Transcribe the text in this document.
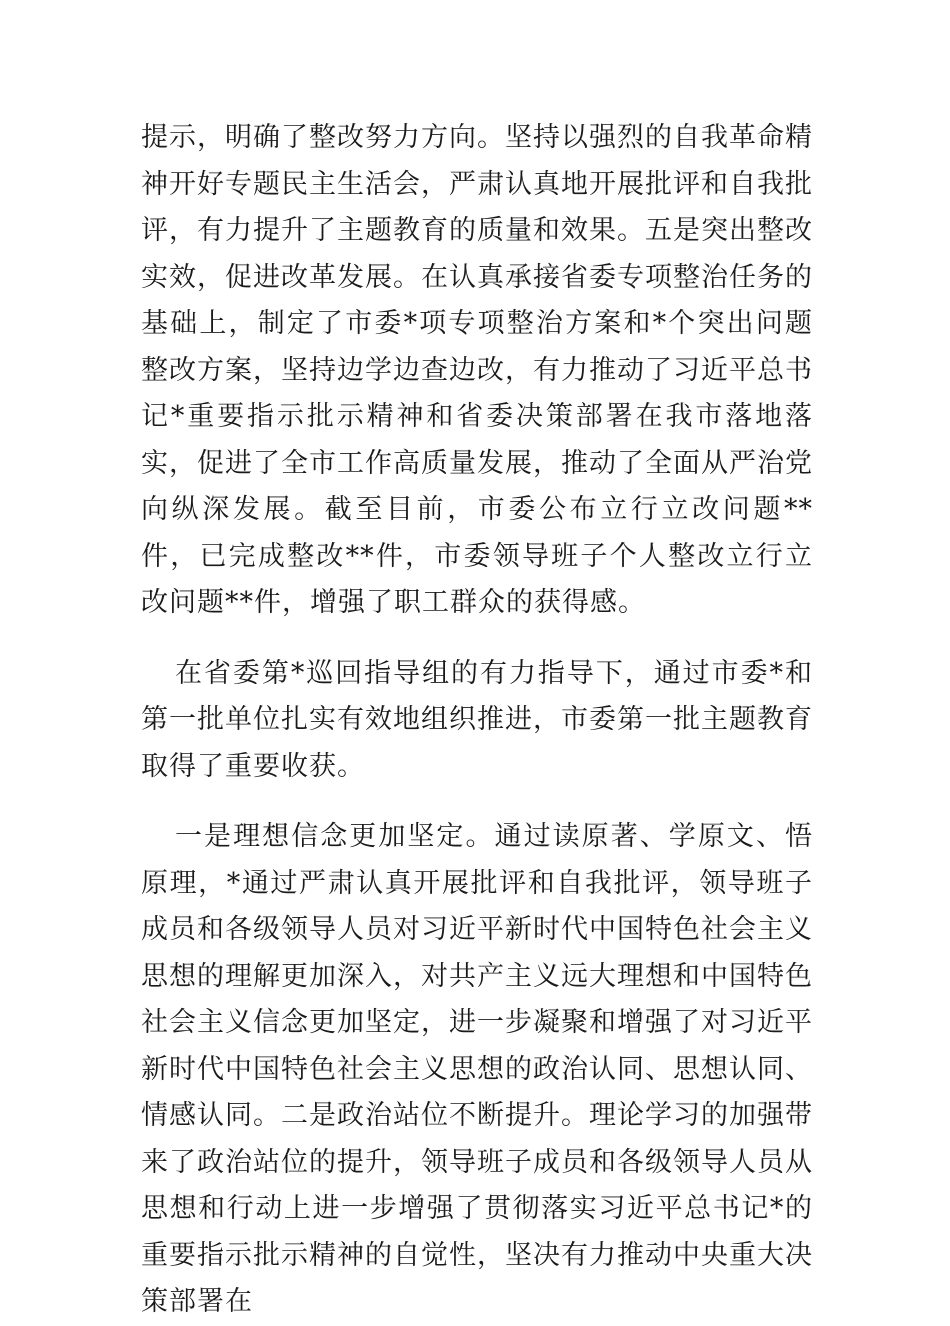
提示，明确了整改努力方向。坚持以强烈的自我革命精神开好专题民主生活会，严肃认真地开展批评和自我批评，有力提升了主题教育的质量和效果。五是突出整改实效，促进改革发展。在认真承接省委专项整治任务的基础上，制定了市委*项专项整治方案和*个突出问题整改方案，坚持边学边查边改，有力推动了习近平总书记*重要指示批示精神和省委决策部署在我市落地落实，促进了全市工作高质量发展，推动了全面从严治党向纵深发展。截至目前，市委公布立行立改问题**件，已完成整改**件，市委领导班子个人整改立行立改问题**件，增强了职工群众的获得感。

在省委第*巡回指导组的有力指导下，通过市委*和第一批单位扎实有效地组织推进，市委第一批主题教育取得了重要收获。

一是理想信念更加坚定。通过读原著、学原文、悟原理，*通过严肃认真开展批评和自我批评，领导班子成员和各级领导人员对习近平新时代中国特色社会主义思想的理解更加深入，对共产主义远大理想和中国特色社会主义信念更加坚定，进一步凝聚和增强了对习近平新时代中国特色社会主义思想的政治认同、思想认同、情感认同。二是政治站位不断提升。理论学习的加强带来了政治站位的提升，领导班子成员和各级领导人员从思想和行动上进一步增强了贯彻落实习近平总书记*的重要指示批示精神的自觉性，坚决有力推动中央重大决策部署在
